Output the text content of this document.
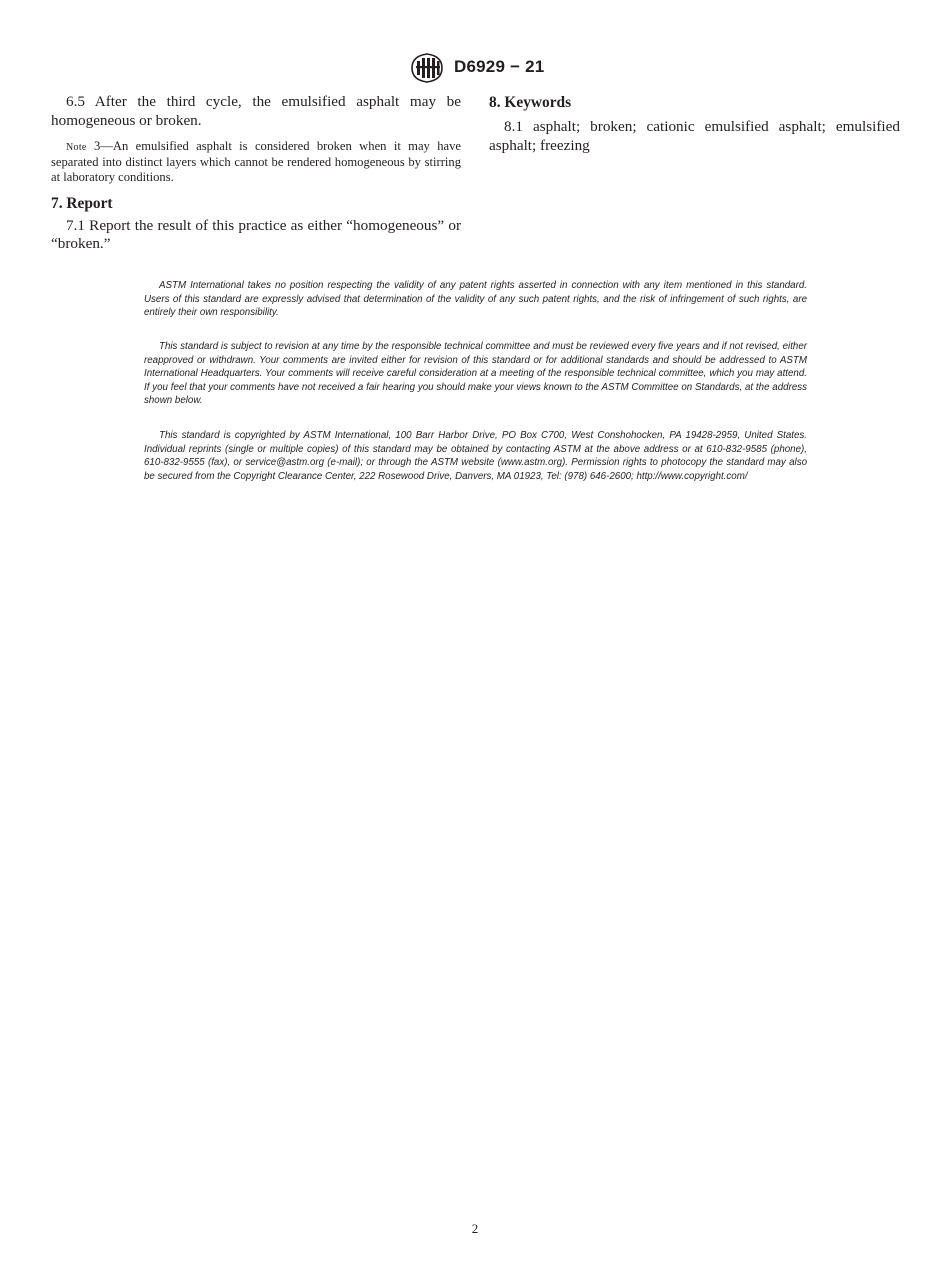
D6929 − 21

6.5 After the third cycle, the emulsified asphalt may be homogeneous or broken.

Note 3—An emulsified asphalt is considered broken when it may have separated into distinct layers which cannot be rendered homogeneous by stirring at laboratory conditions.

7. Report

7.1 Report the result of this practice as either “homogeneous” or “broken.”

8. Keywords

8.1 asphalt; broken; cationic emulsified asphalt; emulsified asphalt; freezing

ASTM International takes no position respecting the validity of any patent rights asserted in connection with any item mentioned in this standard. Users of this standard are expressly advised that determination of the validity of any such patent rights, and the risk of infringement of such rights, are entirely their own responsibility.

This standard is subject to revision at any time by the responsible technical committee and must be reviewed every five years and if not revised, either reapproved or withdrawn. Your comments are invited either for revision of this standard or for additional standards and should be addressed to ASTM International Headquarters. Your comments will receive careful consideration at a meeting of the responsible technical committee, which you may attend. If you feel that your comments have not received a fair hearing you should make your views known to the ASTM Committee on Standards, at the address shown below.

This standard is copyrighted by ASTM International, 100 Barr Harbor Drive, PO Box C700, West Conshohocken, PA 19428-2959, United States. Individual reprints (single or multiple copies) of this standard may be obtained by contacting ASTM at the above address or at 610-832-9585 (phone), 610-832-9555 (fax), or service@astm.org (e-mail); or through the ASTM website (www.astm.org). Permission rights to photocopy the standard may also be secured from the Copyright Clearance Center, 222 Rosewood Drive, Danvers, MA 01923, Tel: (978) 646-2600; http://www.copyright.com/

2
